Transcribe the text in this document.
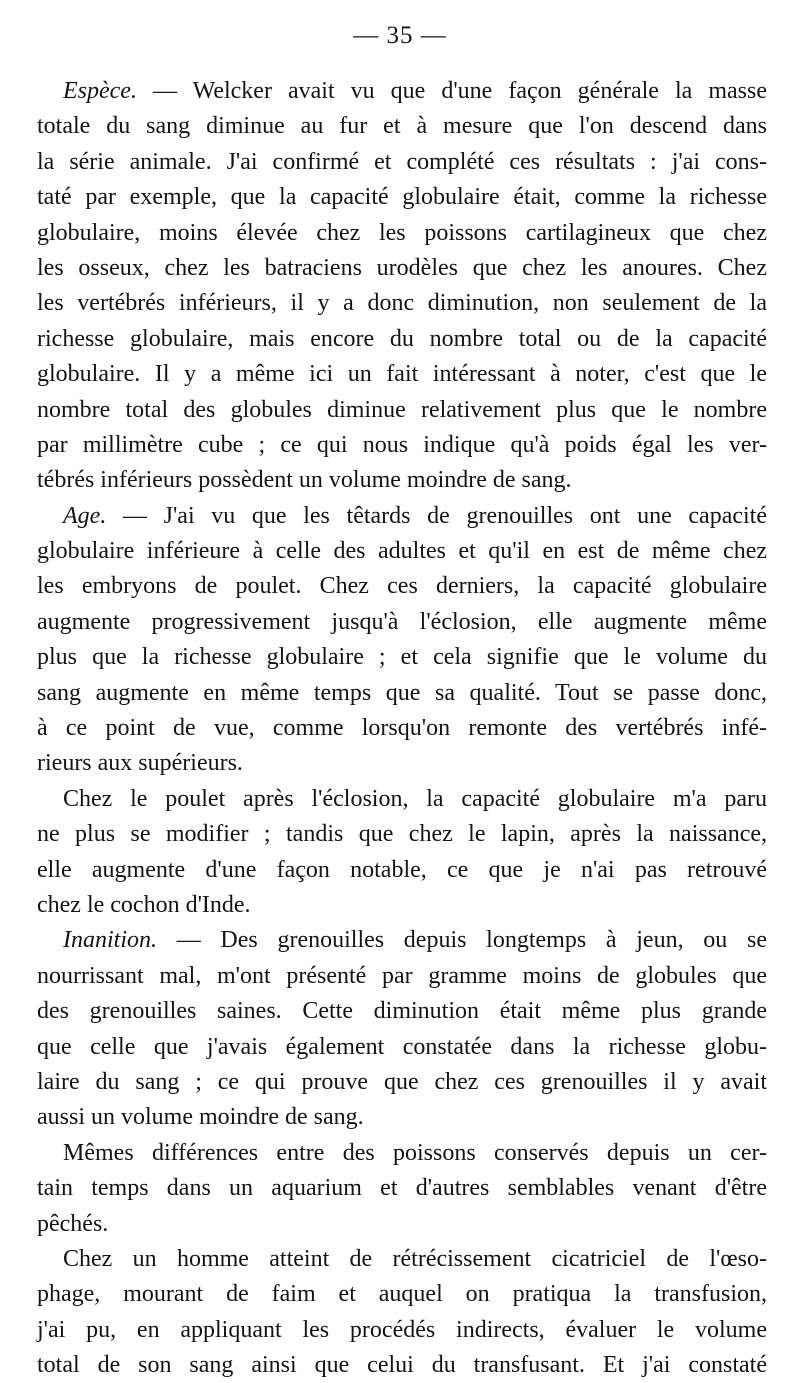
— 35 —
Espèce. — Welcker avait vu que d'une façon générale la masse
totale du sang diminue au fur et à mesure que l'on descend dans
la série animale. J'ai confirmé et complété ces résultats : j'ai cons-
taté par exemple, que la capacité globulaire était, comme la richesse
globulaire, moins élevée chez les poissons cartilagineux que chez
les osseux, chez les batraciens urodèles que chez les anoures. Chez
les vertébrés inférieurs, il y a donc diminution, non seulement de la
richesse globulaire, mais encore du nombre total ou de la capacité
globulaire. Il y a même ici un fait intéressant à noter, c'est que le
nombre total des globules diminue relativement plus que le nombre
par millimètre cube ; ce qui nous indique qu'à poids égal les ver-
tébrés inférieurs possèdent un volume moindre de sang.
Age. — J'ai vu que les têtards de grenouilles ont une capacité
globulaire inférieure à celle des adultes et qu'il en est de même chez
les embryons de poulet. Chez ces derniers, la capacité globulaire
augmente progressivement jusqu'à l'éclosion, elle augmente même
plus que la richesse globulaire ; et cela signifie que le volume du
sang augmente en même temps que sa qualité. Tout se passe donc,
à ce point de vue, comme lorsqu'on remonte des vertébrés infé-
rieurs aux supérieurs.
Chez le poulet après l'éclosion, la capacité globulaire m'a paru
ne plus se modifier ; tandis que chez le lapin, après la naissance,
elle augmente d'une façon notable, ce que je n'ai pas retrouvé
chez le cochon d'Inde.
Inanition. — Des grenouilles depuis longtemps à jeun, ou se
nourrissant mal, m'ont présenté par gramme moins de globules que
des grenouilles saines. Cette diminution était même plus grande
que celle que j'avais également constatée dans la richesse globu-
laire du sang ; ce qui prouve que chez ces grenouilles il y avait
aussi un volume moindre de sang.
Mêmes différences entre des poissons conservés depuis un cer-
tain temps dans un aquarium et d'autres semblables venant d'être
pêchés.
Chez un homme atteint de rétrécissement cicatriciel de l'œso-
phage, mourant de faim et auquel on pratiqua la transfusion,
j'ai pu, en appliquant les procédés indirects, évaluer le volume
total de son sang ainsi que celui du transfusant. Et j'ai constaté
